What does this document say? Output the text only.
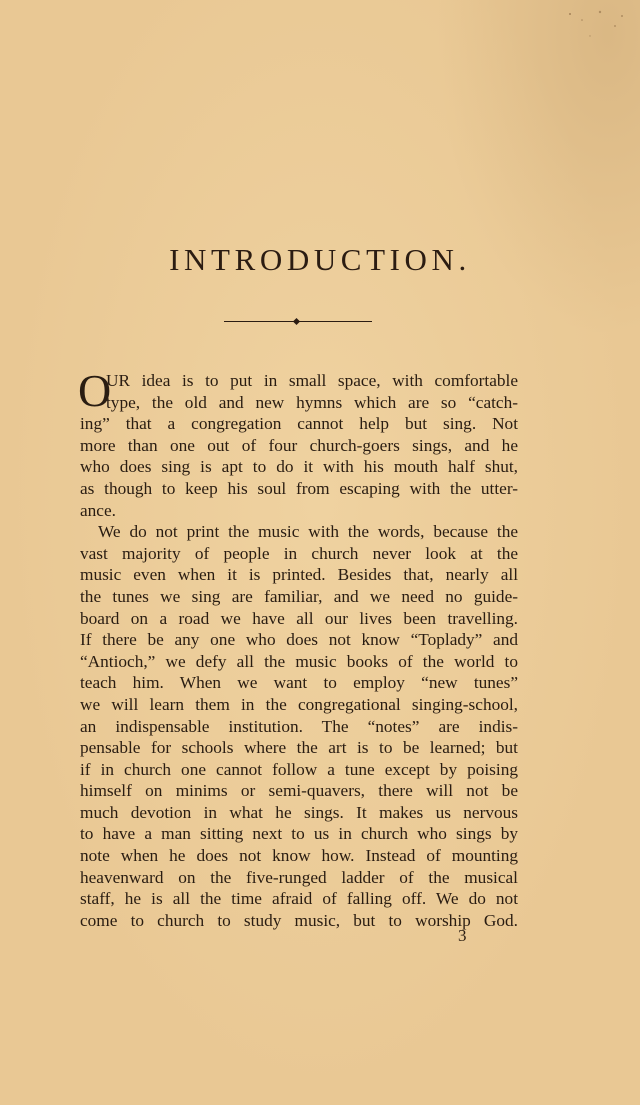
INTRODUCTION.
O
UR idea is to put in small space, with comfortable
type, the old and new hymns which are so “catch-
ing” that a congregation cannot help but sing. Not
more than one out of four church-goers sings, and he
who does sing is apt to do it with his mouth half shut,
as though to keep his soul from escaping with the utter-
ance.
We do not print the music with the words, because the
vast majority of people in church never look at the
music even when it is printed. Besides that, nearly all
the tunes we sing are familiar, and we need no guide-
board on a road we have all our lives been travelling.
If there be any one who does not know “Toplady” and
“Antioch,” we defy all the music books of the world to
teach him. When we want to employ “new tunes”
we will learn them in the congregational singing-school,
an indispensable institution. The “notes” are indis-
pensable for schools where the art is to be learned; but
if in church one cannot follow a tune except by poising
himself on minims or semi-quavers, there will not be
much devotion in what he sings. It makes us nervous
to have a man sitting next to us in church who sings by
note when he does not know how. Instead of mounting
heavenward on the five-runged ladder of the musical
staff, he is all the time afraid of falling off. We do not
come to church to study music, but to worship God.
3
